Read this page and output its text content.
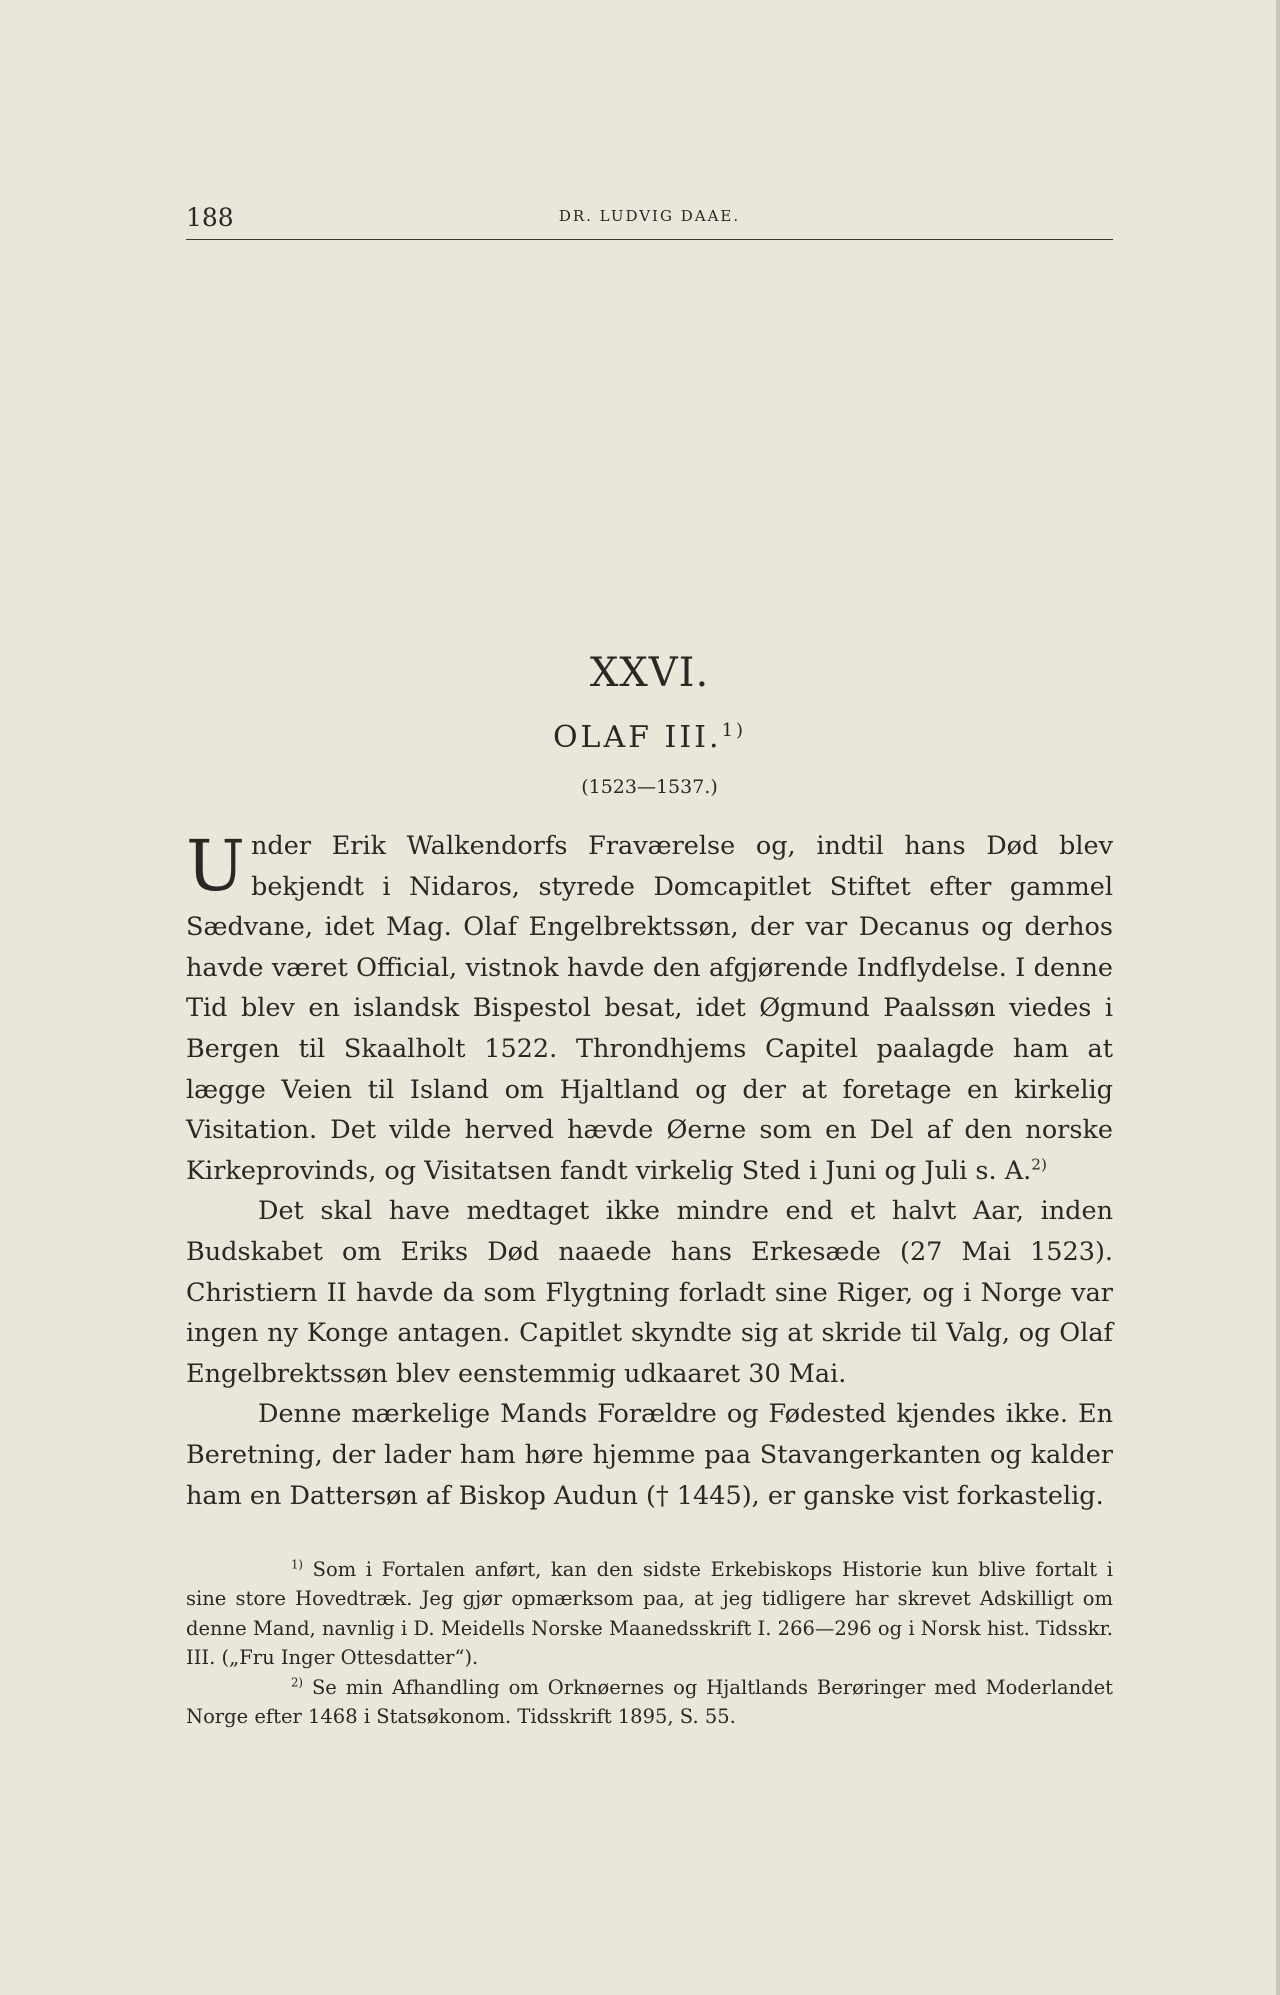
188	DR. LUDVIG DAAE.
XXVI.
OLAF III.$^{1)}$
(1523—1537.)

Under Erik Walkendorfs Fraværelse og, indtil hans Død blev bekjendt i Nidaros, styrede Domcapitlet Stiftet efter gammel Sædvane, idet Mag. Olaf Engelbrektssøn, der var Decanus og derhos havde været Official, vistnok havde den afgjørende Indflydelse. I denne Tid blev en islandsk Bispestol besat, idet Øgmund Paalssøn viedes i Bergen til Skaalholt 1522. Throndhjems Capitel paalagde ham at lægge Veien til Island om Hjaltland og der at foretage en kirkelig Visitation. Det vilde herved hævde Øerne som en Del af den norske Kirkeprovinds, og Visitatsen fandt virkelig Sted i Juni og Juli s. A.$^{2)}$

Det skal have medtaget ikke mindre end et halvt Aar, inden Budskabet om Eriks Død naaede hans Erkesæde (27 Mai 1523). Christiern II havde da som Flygtning forladt sine Riger, og i Norge var ingen ny Konge antagen. Capitlet skyndte sig at skride til Valg, og Olaf Engelbrektssøn blev eenstemmig udkaaret 30 Mai.

Denne mærkelige Mands Forældre og Fødested kjendes ikke. En Beretning, der lader ham høre hjemme paa Stavangerkanten og kalder ham en Dattersøn af Biskop Audun († 1445), er ganske vist forkastelig.

$^{1)}$ Som i Fortalen anført, kan den sidste Erkebiskops Historie kun blive fortalt i sine store Hovedtræk. Jeg gjør opmærksom paa, at jeg tidligere har skrevet Adskilligt om denne Mand, navnlig i D. Meidells Norske Maanedsskrift I. 266—296 og i Norsk hist. Tidsskr. III. („Fru Inger Ottesdatter“).

$^{2)}$ Se min Afhandling om Orknøernes og Hjaltlands Berøringer med Moderlandet Norge efter 1468 i Statsøkonom. Tidsskrift 1895, S. 55.
